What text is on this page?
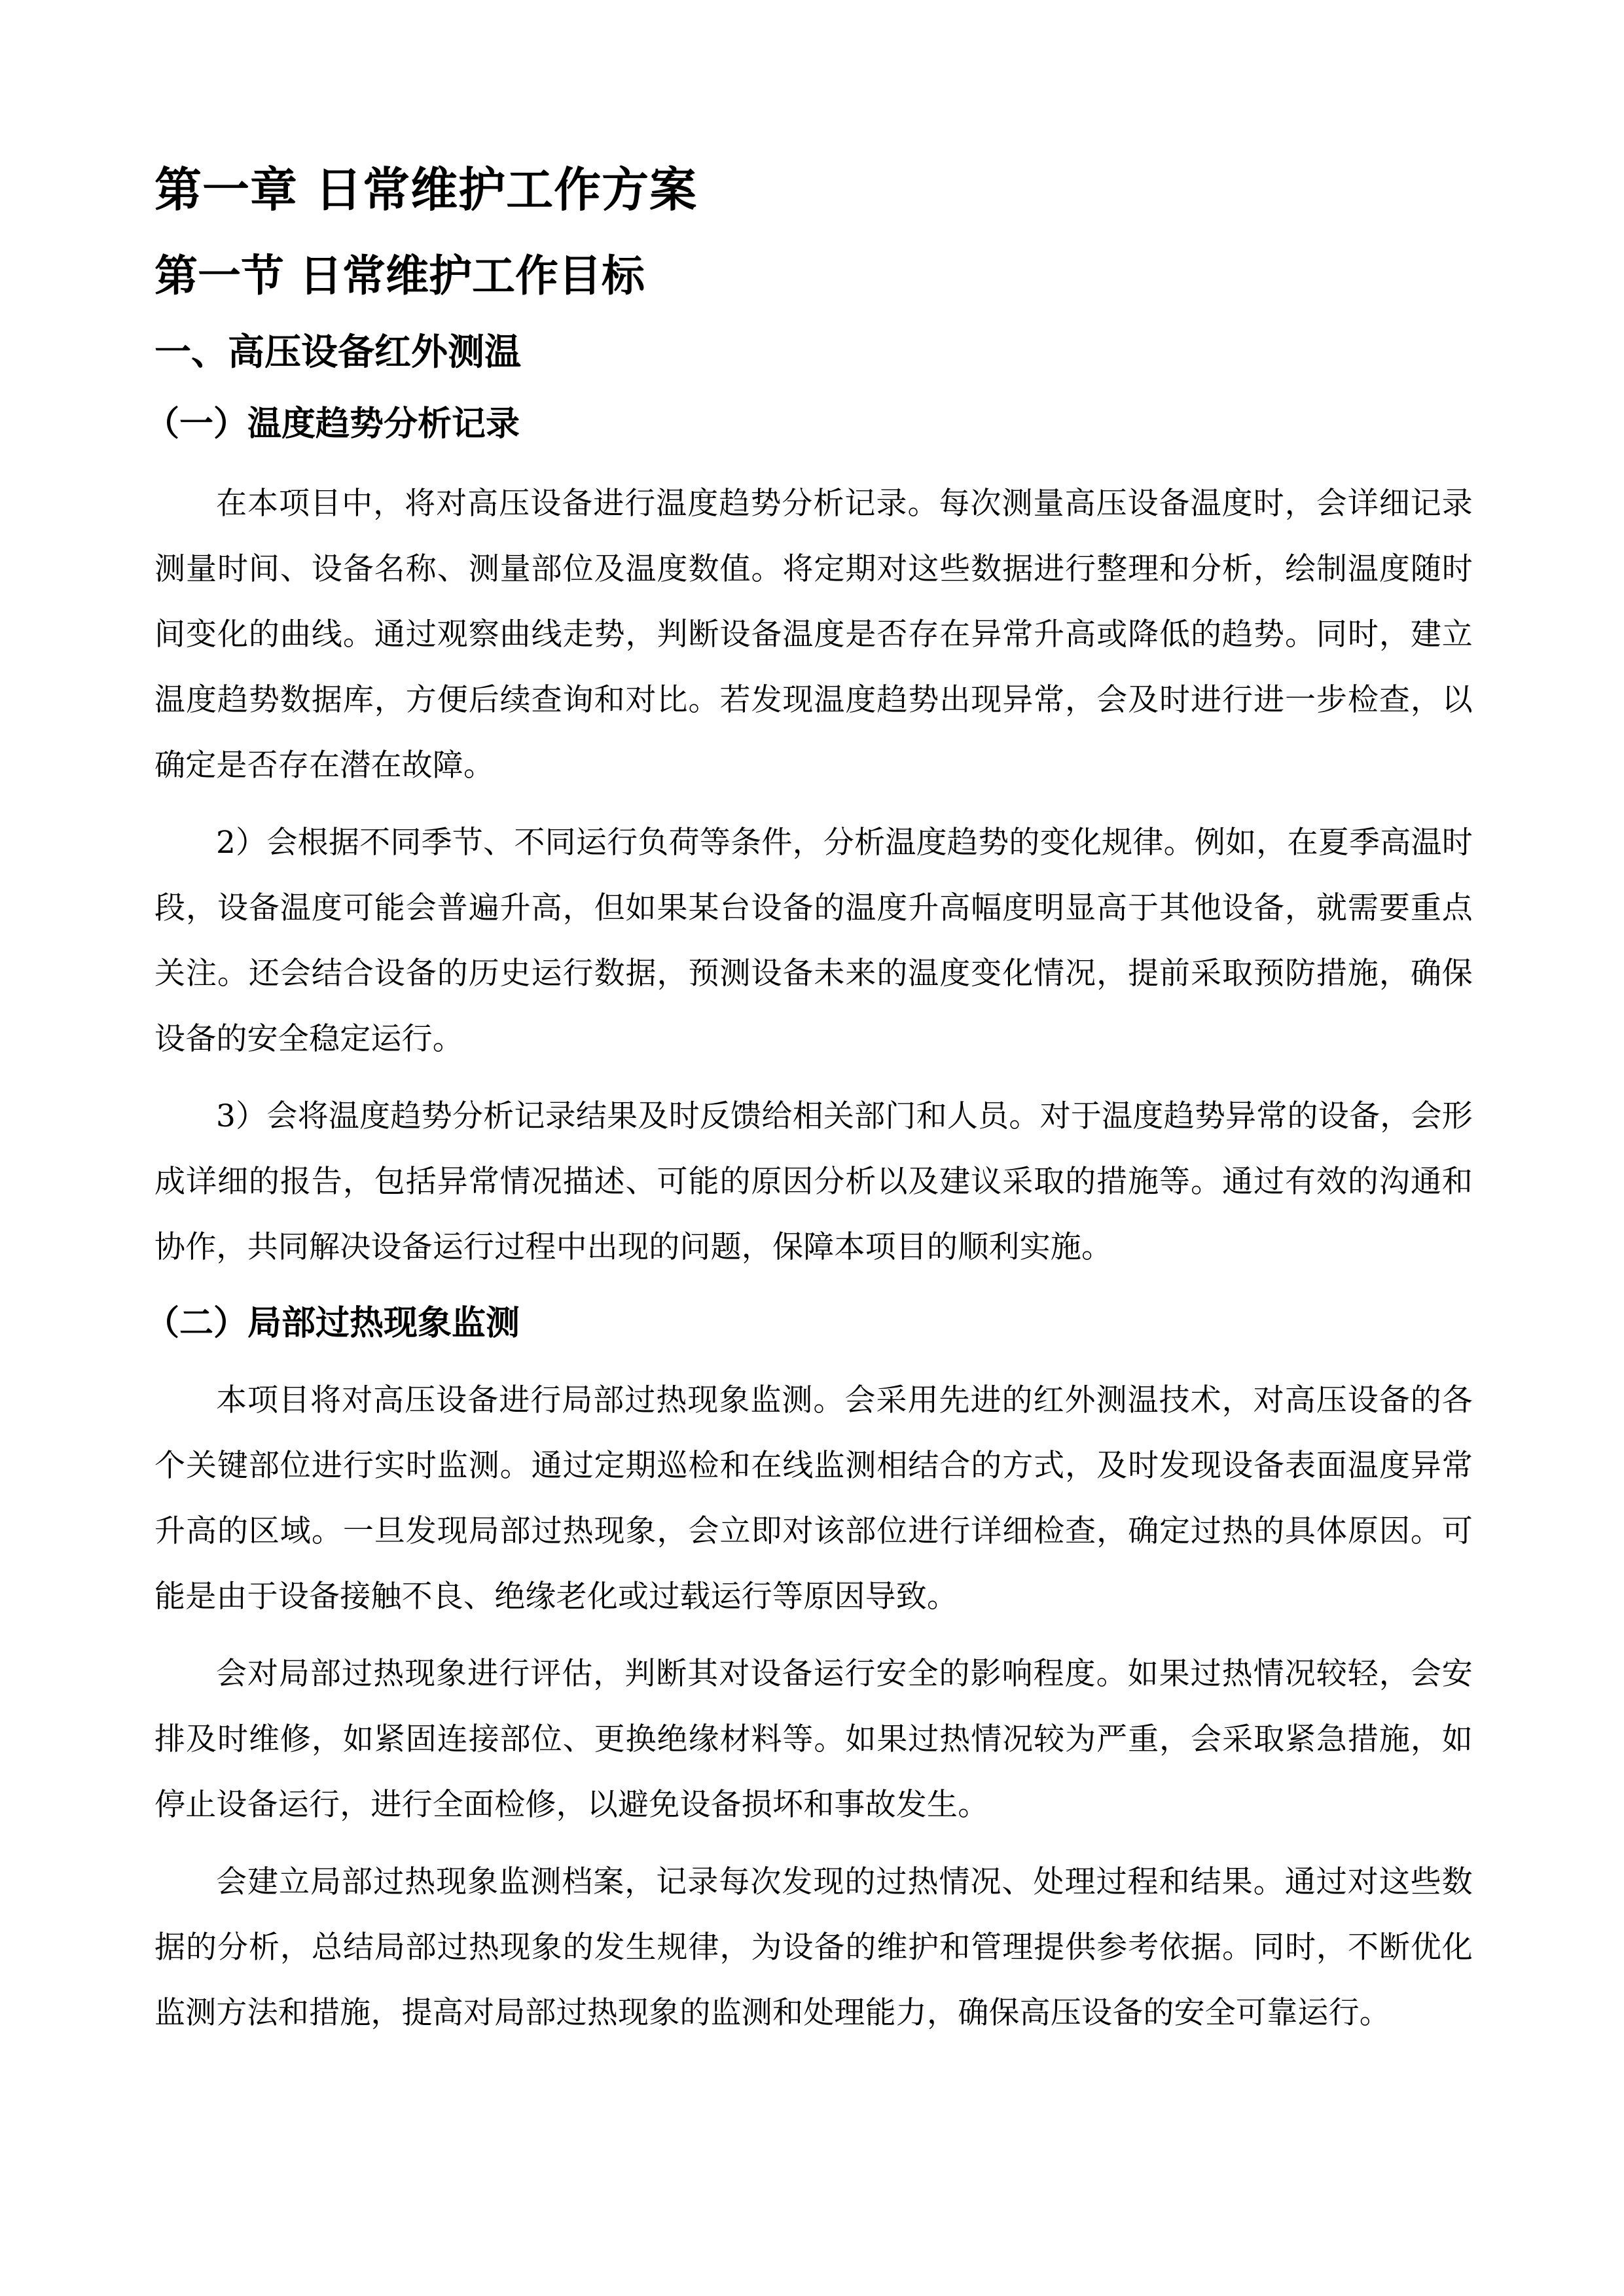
第一章 日常维护工作方案
第一节 日常维护工作目标
一、高压设备红外测温
（一）温度趋势分析记录

在本项目中，将对高压设备进行温度趋势分析记录。每次测量高压设备温度时，会详细记录测量时间、设备名称、测量部位及温度数值。将定期对这些数据进行整理和分析，绘制温度随时间变化的曲线。通过观察曲线走势，判断设备温度是否存在异常升高或降低的趋势。同时，建立温度趋势数据库，方便后续查询和对比。若发现温度趋势出现异常，会及时进行进一步检查，以确定是否存在潜在故障。

2）会根据不同季节、不同运行负荷等条件，分析温度趋势的变化规律。例如，在夏季高温时段，设备温度可能会普遍升高，但如果某台设备的温度升高幅度明显高于其他设备，就需要重点关注。还会结合设备的历史运行数据，预测设备未来的温度变化情况，提前采取预防措施，确保设备的安全稳定运行。

3）会将温度趋势分析记录结果及时反馈给相关部门和人员。对于温度趋势异常的设备，会形成详细的报告，包括异常情况描述、可能的原因分析以及建议采取的措施等。通过有效的沟通和协作，共同解决设备运行过程中出现的问题，保障本项目的顺利实施。

（二）局部过热现象监测

本项目将对高压设备进行局部过热现象监测。会采用先进的红外测温技术，对高压设备的各个关键部位进行实时监测。通过定期巡检和在线监测相结合的方式，及时发现设备表面温度异常升高的区域。一旦发现局部过热现象，会立即对该部位进行详细检查，确定过热的具体原因。可能是由于设备接触不良、绝缘老化或过载运行等原因导致。

会对局部过热现象进行评估，判断其对设备运行安全的影响程度。如果过热情况较轻，会安排及时维修，如紧固连接部位、更换绝缘材料等。如果过热情况较为严重，会采取紧急措施，如停止设备运行，进行全面检修，以避免设备损坏和事故发生。

会建立局部过热现象监测档案，记录每次发现的过热情况、处理过程和结果。通过对这些数据的分析，总结局部过热现象的发生规律，为设备的维护和管理提供参考依据。同时，不断优化监测方法和措施，提高对局部过热现象的监测和处理能力，确保高压设备的安全可靠运行。
